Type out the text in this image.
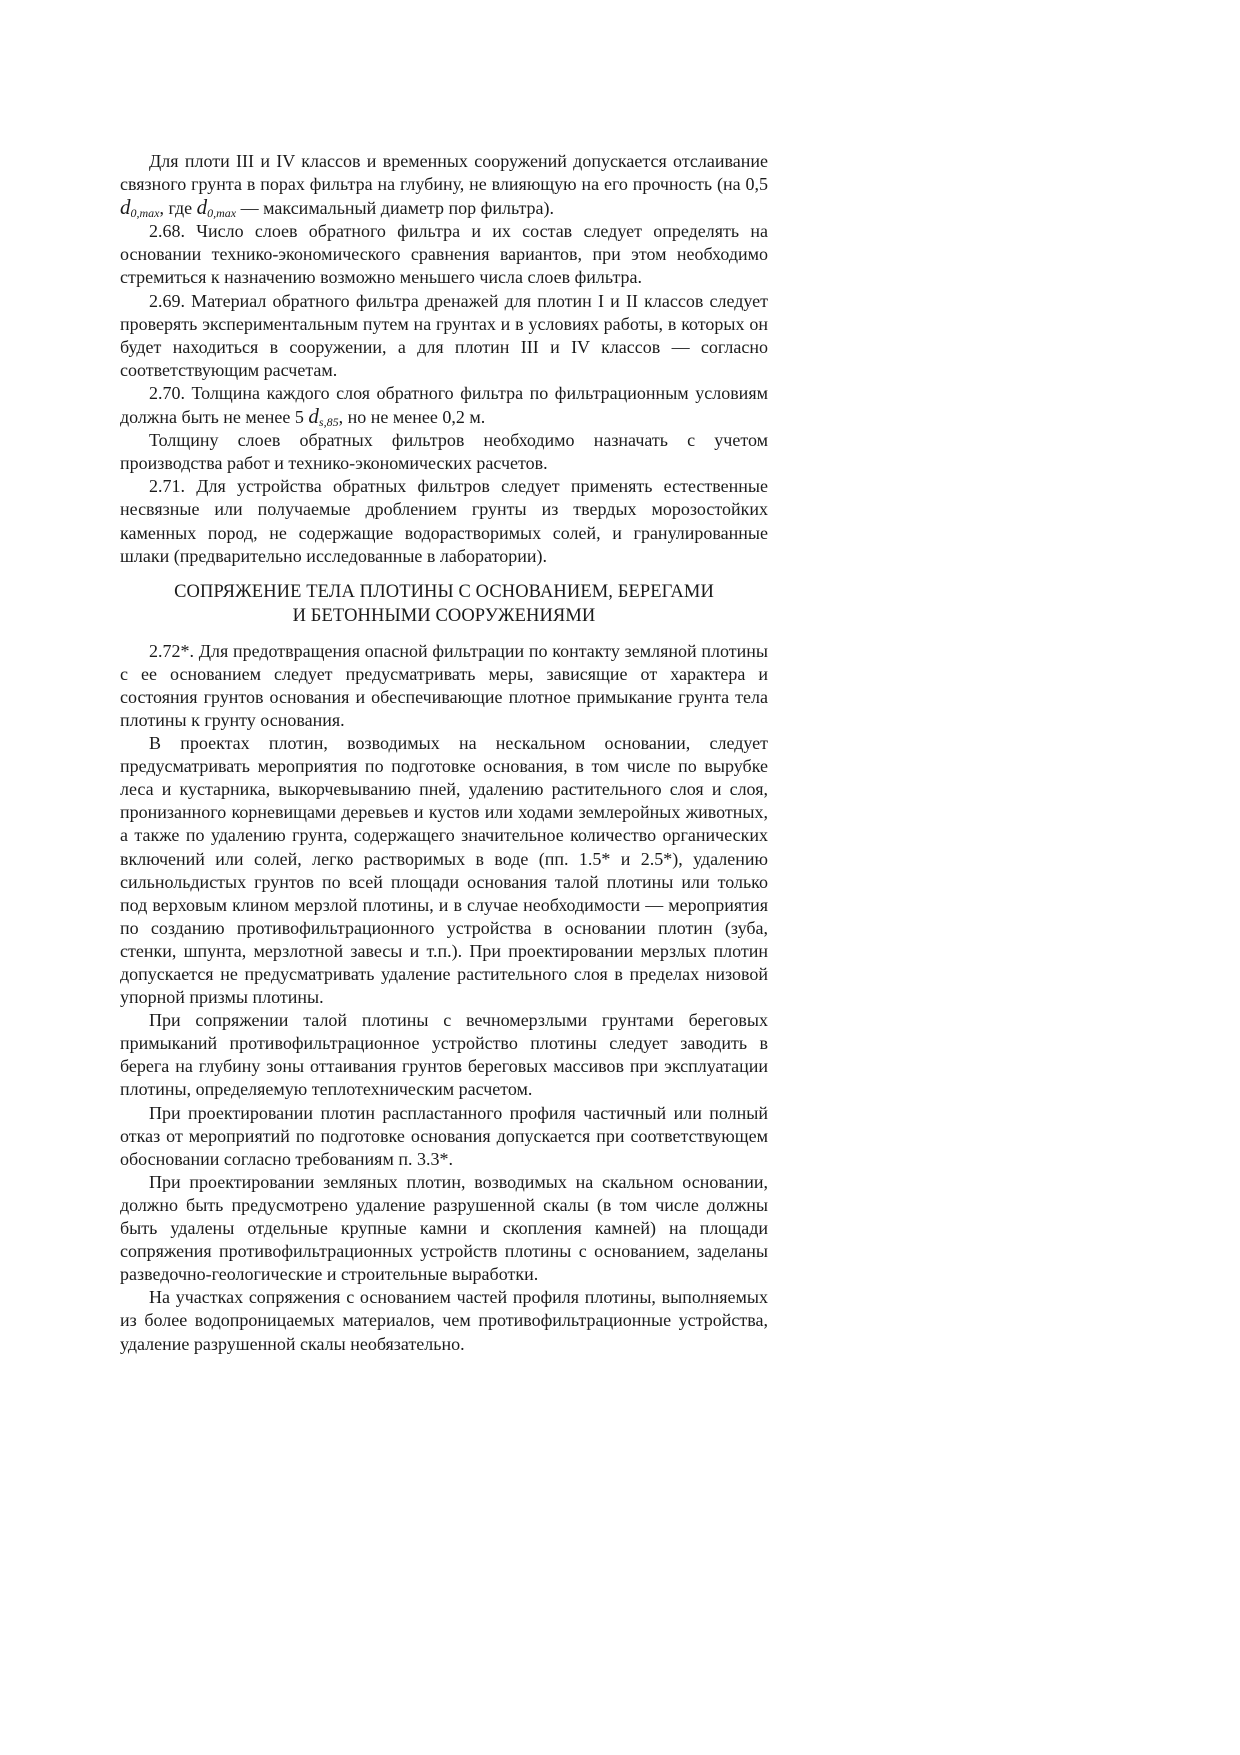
Для плоти III и IV классов и временных сооружений допускается отслаивание связного грунта в порах фильтра на глубину, не влияющую на его прочность (на 0,5 $d_{0,max}$, где $d_{0,max}$ — максимальный диаметр пор фильтра).

2.68. Число слоев обратного фильтра и их состав следует определять на основании технико-экономического сравнения вариантов, при этом необходимо стремиться к назначению возможно меньшего числа слоев фильтра.

2.69. Материал обратного фильтра дренажей для плотин I и II классов следует проверять экспериментальным путем на грунтах и в условиях работы, в которых он будет находиться в сооружении, а для плотин III и IV классов — согласно соответствующим расчетам.

2.70. Толщина каждого слоя обратного фильтра по фильтрационным условиям должна быть не менее 5 $d_{s,85}$, но не менее 0,2 м.

Толщину слоев обратных фильтров необходимо назначать с учетом производства работ и технико-экономических расчетов.

2.71. Для устройства обратных фильтров следует применять естественные несвязные или получаемые дроблением грунты из твердых морозостойких каменных пород, не содержащие водорастворимых солей, и гранулированные шлаки (предварительно исследованные в лаборатории).

СОПРЯЖЕНИЕ ТЕЛА ПЛОТИНЫ С ОСНОВАНИЕМ, БЕРЕГАМИ
И БЕТОННЫМИ СООРУЖЕНИЯМИ

2.72*. Для предотвращения опасной фильтрации по контакту земляной плотины с ее основанием следует предусматривать меры, зависящие от характера и состояния грунтов основания и обеспечивающие плотное примыкание грунта тела плотины к грунту основания.

В проектах плотин, возводимых на нескальном основании, следует предусматривать мероприятия по подготовке основания, в том числе по вырубке леса и кустарника, выкорчевыванию пней, удалению растительного слоя и слоя, пронизанного корневищами деревьев и кустов или ходами землеройных животных, а также по удалению грунта, содержащего значительное количество органических включений или солей, легко растворимых в воде (пп. 1.5* и 2.5*), удалению сильнольдистых грунтов по всей площади основания талой плотины или только под верховым клином мерзлой плотины, и в случае необходимости — мероприятия по созданию противофильтрационного устройства в основании плотин (зуба, стенки, шпунта, мерзлотной завесы и т.п.). При проектировании мерзлых плотин допускается не предусматривать удаление растительного слоя в пределах низовой упорной призмы плотины.

При сопряжении талой плотины с вечномерзлыми грунтами береговых примыканий противофильтрационное устройство плотины следует заводить в берега на глубину зоны оттаивания грунтов береговых массивов при эксплуатации плотины, определяемую теплотехническим расчетом.

При проектировании плотин распластанного профиля частичный или полный отказ от мероприятий по подготовке основания допускается при соответствующем обосновании согласно требованиям п. 3.3*.

При проектировании земляных плотин, возводимых на скальном основании, должно быть предусмотрено удаление разрушенной скалы (в том числе должны быть удалены отдельные крупные камни и скопления камней) на площади сопряжения противофильтрационных устройств плотины с основанием, заделаны разведочно-геологические и строительные выработки.

На участках сопряжения с основанием частей профиля плотины, выполняемых из более водопроницаемых материалов, чем противофильтрационные устройства, удаление разрушенной скалы необязательно.
